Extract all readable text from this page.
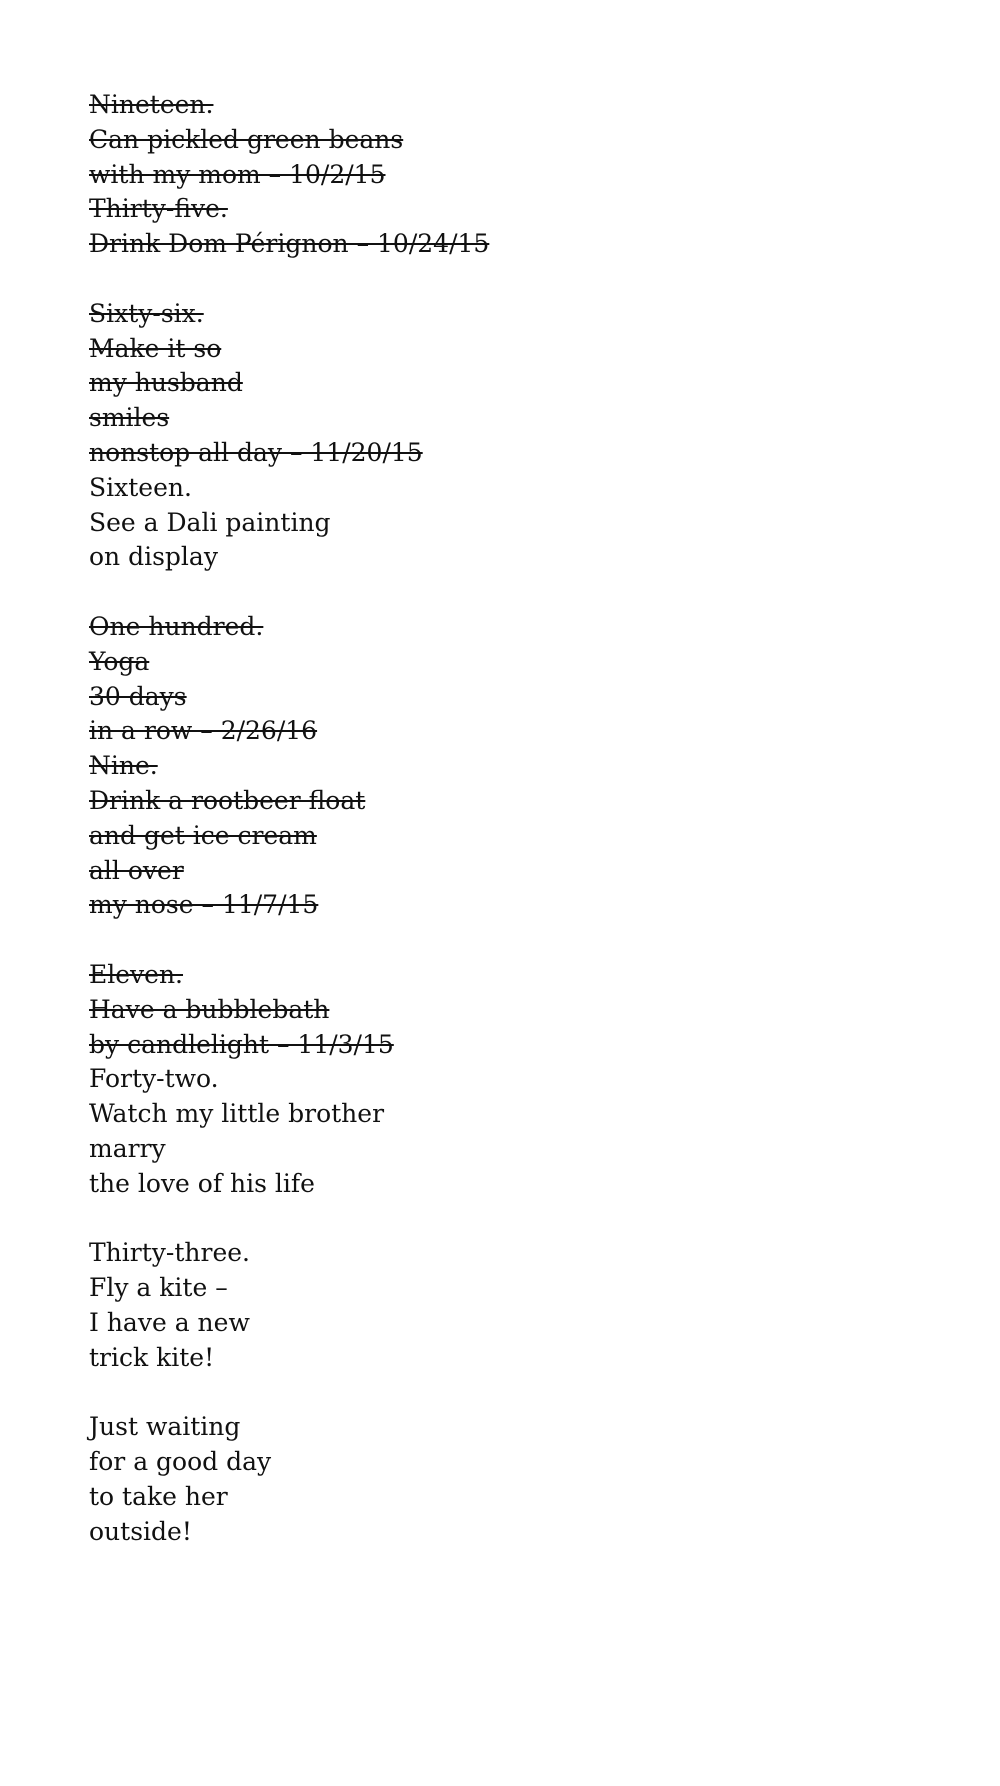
Nineteen.
Can pickled green beans
with my mom – 10/2/15
Thirty-five.
Drink Dom Pérignon – 10/24/15
Sixty-six.
Make it so
my husband
smiles
nonstop all day – 11/20/15
Sixteen.
See a Dali painting
on display
One hundred.
Yoga
30 days
in a row – 2/26/16
Nine.
Drink a rootbeer float
and get ice cream
all over
my nose – 11/7/15
Eleven.
Have a bubblebath
by candlelight – 11/3/15
Forty-two.
Watch my little brother
marry
the love of his life
Thirty-three.
Fly a kite –
I have a new
trick kite!
Just waiting
for a good day
to take her
outside!
